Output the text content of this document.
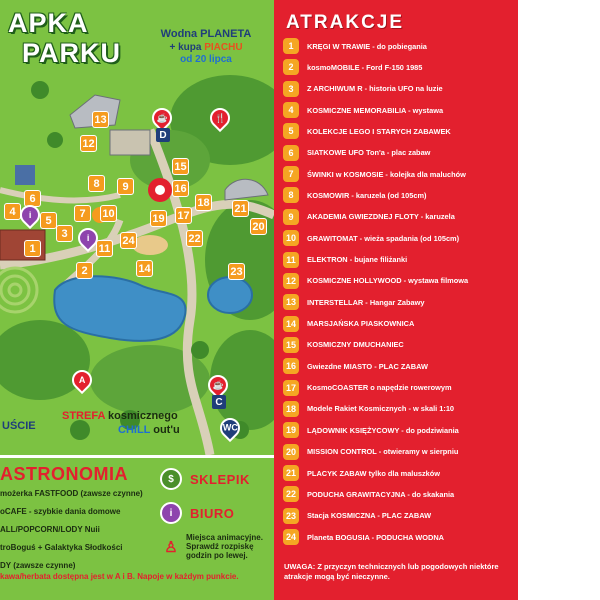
APKA
PARKU
Wodna PLANETA
+ kupa PIACHU
od 20 lipca
13
12
15
16
8	9
6
7
18
17
3
4
2
24	22
23
20
21
14
11
5
1
10	19
☕
D
🍴
i
i
☕
C
WC
A
STREFA kosmicznego
CHILL out'u
UŚCIE
ASTRONOMIA
możerka FASTFOOD (zawsze czynne)
oCAFE - szybkie dania domowe
ALL/POPCORN/LODY Nuii
troBoguś + Galaktyka Słodkości
DY (zawsze czynne)
$	SKLEPIK
i	BIURO
♙
Miejsca animacyjne.
Sprawdź rozpiskę
godzin po lewej.
kawa/herbata dostępna jest w A i B. Napoje w każdym punkcie.
ATRAKCJE
1	KRĘGI W TRAWIE - do pobiegania
2	kosmoMOBILE - Ford F-150 1985
3	Z ARCHIWUM R - historia UFO na luzie
4	KOSMICZNE MEMORABILIA - wystawa
5	KOLEKCJE LEGO I STARYCH ZABAWEK
6	SIATKOWE UFO Ton'a - plac zabaw
7	ŚWINKI w KOSMOSIE - kolejka dla maluchów
8	KOSMOWIR - karuzela (od 105cm)
9	AKADEMIA GWIEZDNEJ FLOTY - karuzela
10	GRAWITOMAT - wieża spadania (od 105cm)
11	ELEKTRON - bujane filiżanki
12	KOSMICZNE HOLLYWOOD - wystawa filmowa
13	INTERSTELLAR - Hangar Zabawy
14	MARSJAŃSKA PIASKOWNICA
15	KOSMICZNY DMUCHANIEC
16	Gwiezdne MIASTO - PLAC ZABAW
17	KosmoCOASTER o napędzie rowerowym
18	Modele Rakiet Kosmicznych - w skali 1:10
19	LĄDOWNIK KSIĘŻYCOWY - do podziwiania
20	MISSION CONTROL - otwieramy w sierpniu
21	PLACYK ZABAW tylko dla maluszków
22	PODUCHA GRAWITACYJNA - do skakania
23	Stacja KOSMICZNA - PLAC ZABAW
24	Planeta BOGUSIA - PODUCHA WODNA
UWAGA: Z przyczyn technicznych lub pogodowych niektóre atrakcje mogą być nieczynne.
